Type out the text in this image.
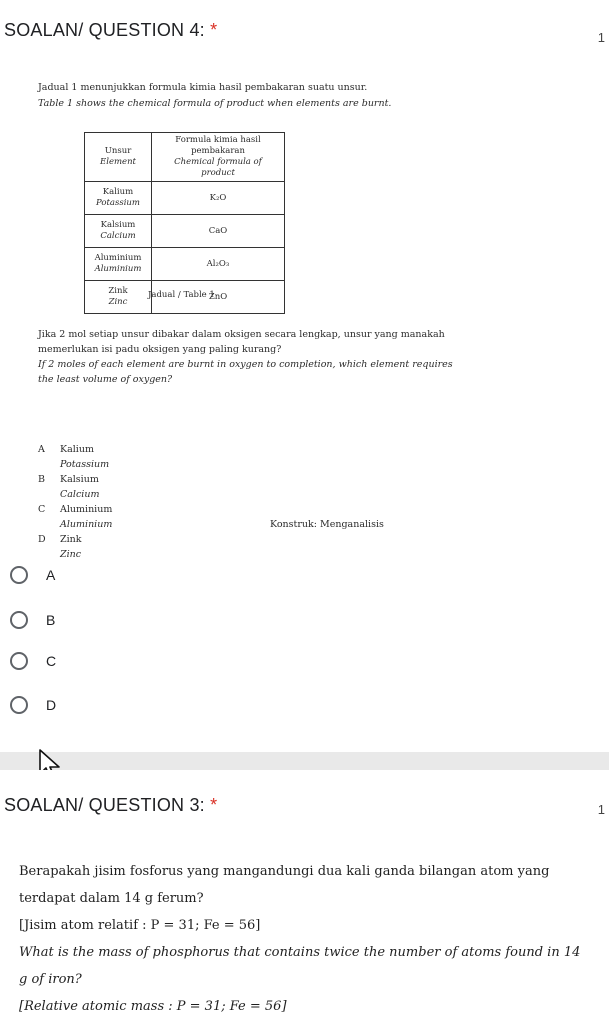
SOALAN/ QUESTION 4: *	1
Jadual 1 menunjukkan formula kimia hasil pembakaran suatu unsur.
Table 1 shows the chemical formula of product when elements are burnt.
Unsur
Element	Formula kimia hasil pembakaran
Chemical formula of product

Kalium
Potassium	K₂O
Kalsium
Calcium	CaO
Aluminium
Aluminium	Al₂O₃
Zink
Zinc	ZnO
Jadual / Table 1
Jika 2 mol setiap unsur dibakar dalam oksigen secara lengkap, unsur yang manakah
memerlukan isi padu oksigen yang paling kurang?
If 2 moles of each element are burnt in oxygen to completion, which element requires
the least volume of oxygen?
A Kalium
Potassium
B Kalsium
Calcium
C Aluminium
Aluminium
D Zink
Zinc
Konstruk: Menganalisis
A
B
C
D
SOALAN/ QUESTION 3: *	1
Berapakah jisim fosforus yang mangandungi dua kali ganda bilangan atom yang
terdapat dalam 14 g ferum?
[Jisim atom relatif : P = 31; Fe = 56]
What is the mass of phosphorus that contains twice the number of atoms found in 14
g of iron?
[Relative atomic mass : P = 31; Fe = 56]
